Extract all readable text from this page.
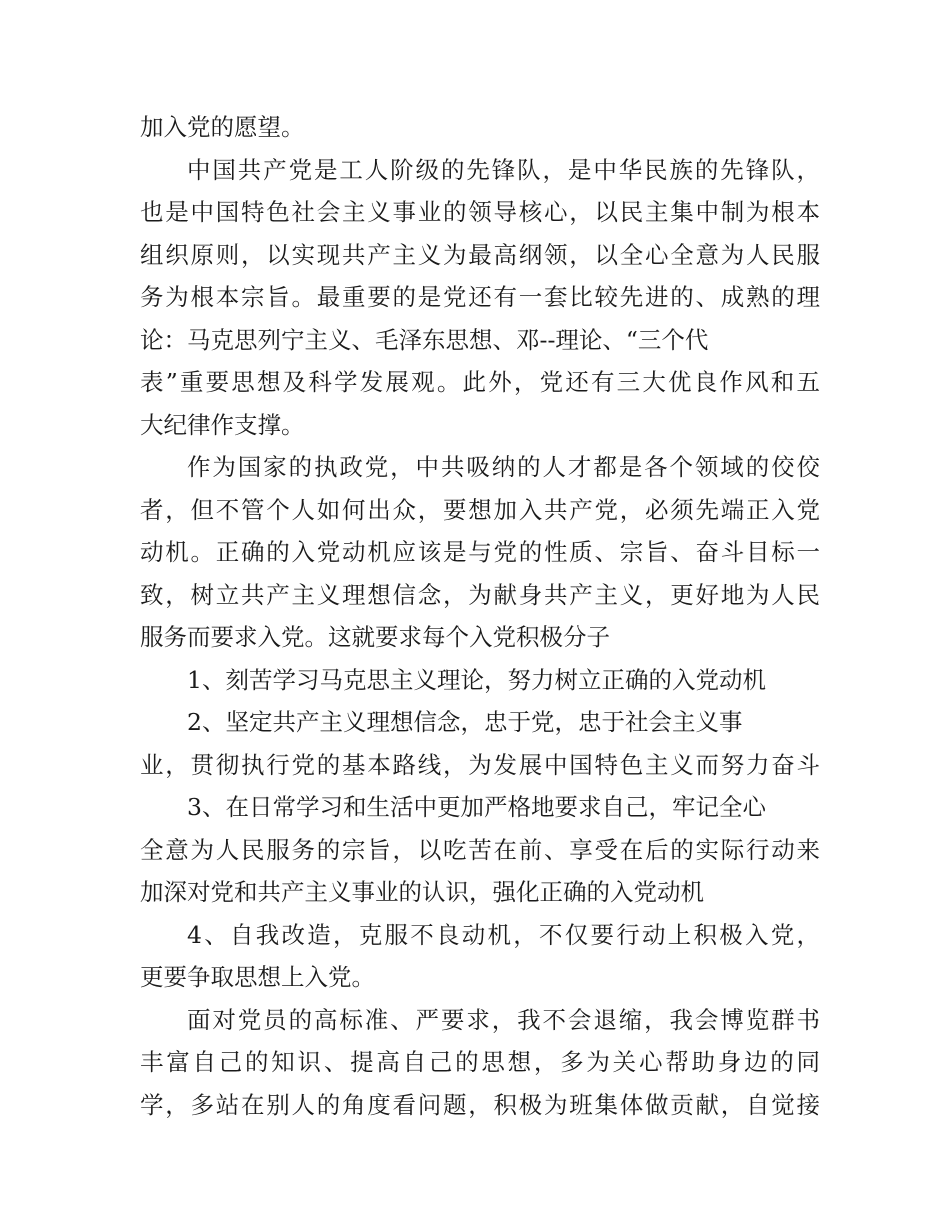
加入党的愿望。
中国共产党是工人阶级的先锋队，是中华民族的先锋队，
也是中国特色社会主义事业的领导核心，以民主集中制为根本
组织原则，以实现共产主义为最高纲领，以全心全意为人民服
务为根本宗旨。最重要的是党还有一套比较先进的、成熟的理
论：马克思列宁主义、毛泽东思想、邓--理论、“三个代
表”重要思想及科学发展观。此外，党还有三大优良作风和五
大纪律作支撑。
作为国家的执政党，中共吸纳的人才都是各个领域的佼佼
者，但不管个人如何出众，要想加入共产党，必须先端正入党
动机。正确的入党动机应该是与党的性质、宗旨、奋斗目标一
致，树立共产主义理想信念，为献身共产主义，更好地为人民
服务而要求入党。这就要求每个入党积极分子
1、刻苦学习马克思主义理论，努力树立正确的入党动机
2、坚定共产主义理想信念，忠于党，忠于社会主义事
业，贯彻执行党的基本路线，为发展中国特色主义而努力奋斗
3、在日常学习和生活中更加严格地要求自己，牢记全心
全意为人民服务的宗旨，以吃苦在前、享受在后的实际行动来
加深对党和共产主义事业的认识，强化正确的入党动机
4、自我改造，克服不良动机，不仅要行动上积极入党，
更要争取思想上入党。
面对党员的高标准、严要求，我不会退缩，我会博览群书
丰富自己的知识、提高自己的思想，多为关心帮助身边的同
学，多站在别人的角度看问题，积极为班集体做贡献，自觉接
